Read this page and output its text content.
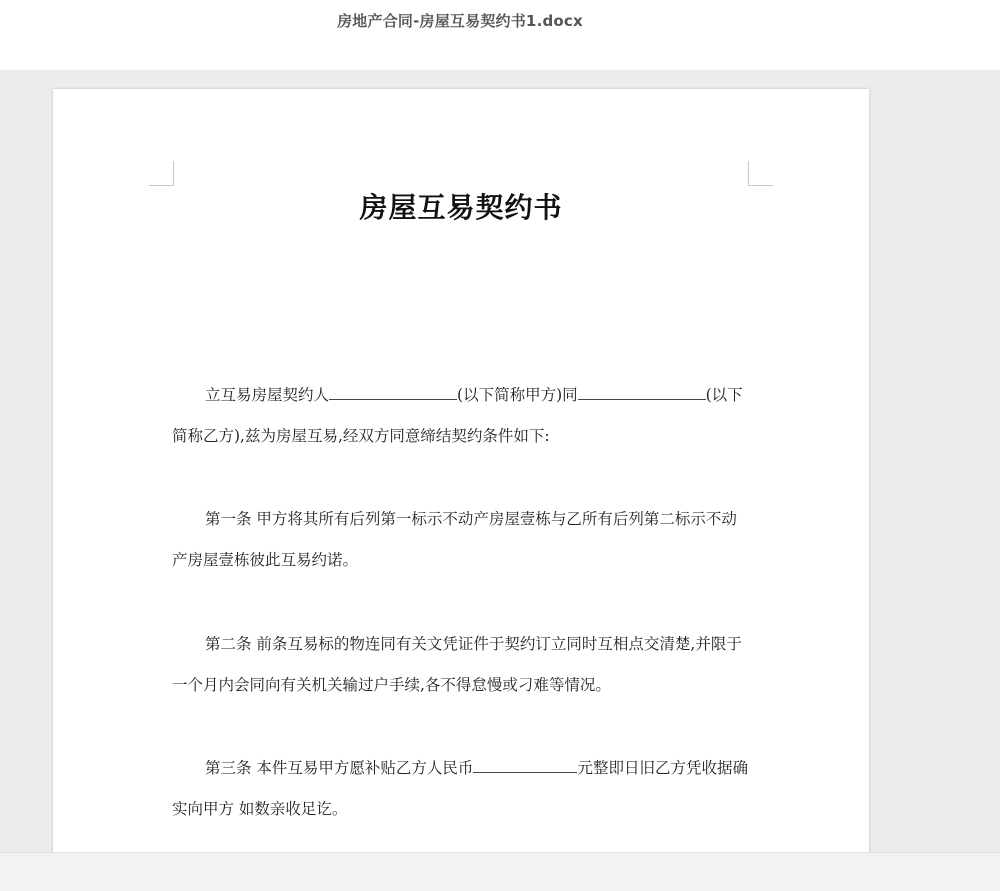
房地产合同-房屋互易契约书1.docx
房屋互易契约书
立互易房屋契约人	(以下简称甲方)同	(以下简称乙方),兹为房屋互易,经双方同意缔结契约条件如下:
第一条 甲方将其所有后列第一标示不动产房屋壹栋与乙所有后列第二标示不动产房屋壹栋彼此互易约诺。
第二条 前条互易标的物连同有关文凭证件于契约订立同时互相点交清楚,并限于一个月内会同向有关机关输过户手续,各不得怠慢或刁难等情况。
第三条 本件互易甲方愿补贴乙方人民币	元整即日旧乙方凭收据确实向甲方 如数亲收足讫。
